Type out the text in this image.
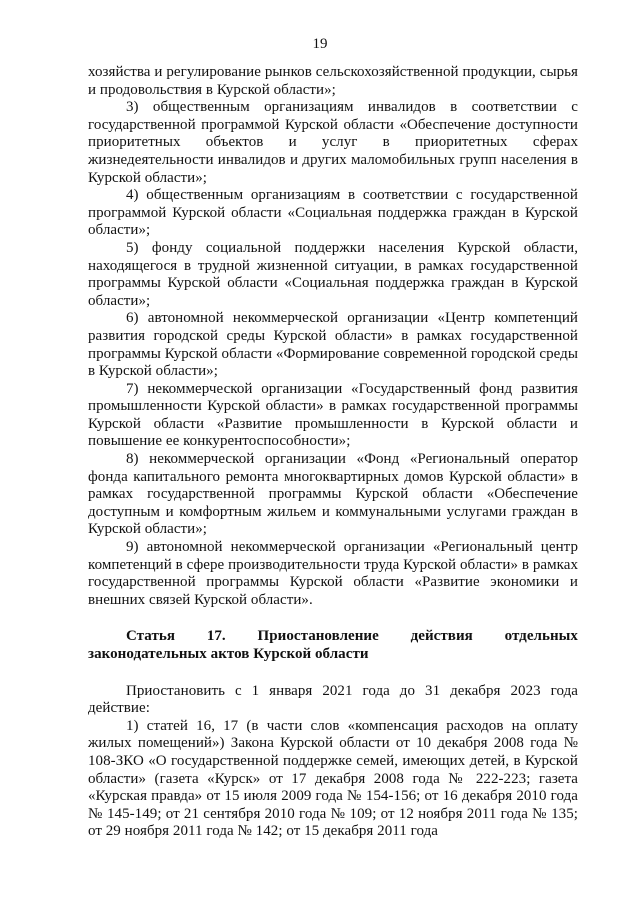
19

хозяйства и регулирование рынков сельскохозяйственной продукции, сырья и продовольствия в Курской области»;

3) общественным организациям инвалидов в соответствии с государственной программой Курской области «Обеспечение доступности приоритетных объектов и услуг в приоритетных сферах жизнедеятельности инвалидов и других маломобильных групп населения в Курской области»;

4) общественным организациям в соответствии с государственной программой Курской области «Социальная поддержка граждан в Курской области»;

5) фонду социальной поддержки населения Курской области, находящегося в трудной жизненной ситуации, в рамках государственной программы Курской области «Социальная поддержка граждан в Курской области»;

6) автономной некоммерческой организации «Центр компетенций развития городской среды Курской области» в рамках государственной программы Курской области «Формирование современной городской среды в Курской области»;

7) некоммерческой организации «Государственный фонд развития промышленности Курской области» в рамках государственной программы Курской области «Развитие промышленности в Курской области и повышение ее конкурентоспособности»;

8) некоммерческой организации «Фонд «Региональный оператор фонда капитального ремонта многоквартирных домов Курской области» в рамках государственной программы Курской области «Обеспечение доступным и комфортным жильем и коммунальными услугами граждан в Курской области»;

9) автономной некоммерческой организации «Региональный центр компетенций в сфере производительности труда Курской области» в рамках государственной программы Курской области «Развитие экономики и внешних связей Курской области».

Статья 17. Приостановление действия отдельных законодательных актов Курской области

Приостановить с 1 января 2021 года до 31 декабря 2023 года действие:

1) статей 16, 17 (в части слов «компенсация расходов на оплату жилых помещений») Закона Курской области от 10 декабря 2008 года № 108-ЗКО «О государственной поддержке семей, имеющих детей, в Курской области» (газета «Курск» от 17 декабря 2008 года № 222-223; газета «Курская правда» от 15 июля 2009 года № 154-156; от 16 декабря 2010 года № 145-149; от 21 сентября 2010 года № 109; от 12 ноября 2011 года № 135; от 29 ноября 2011 года № 142; от 15 декабря 2011 года
